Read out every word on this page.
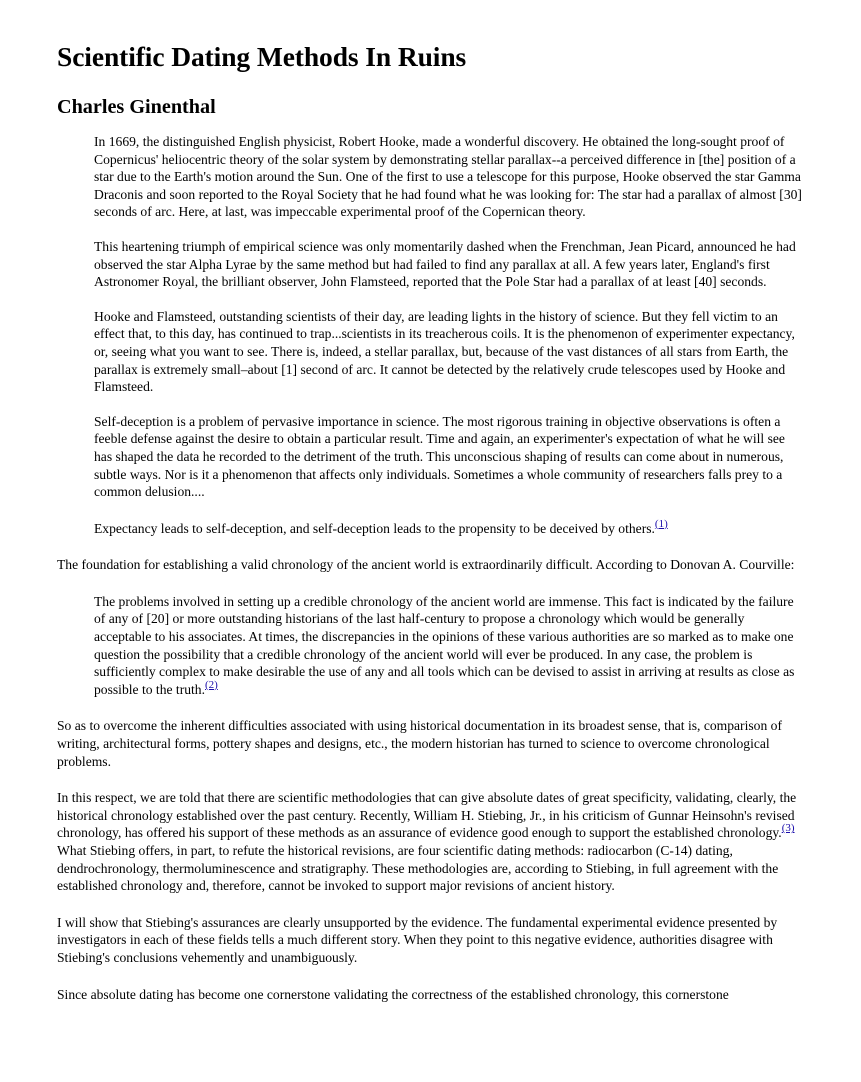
Scientific Dating Methods In Ruins
Charles Ginenthal

In 1669, the distinguished English physicist, Robert Hooke, made a wonderful discovery. He obtained the long-sought proof of Copernicus' heliocentric theory of the solar system by demonstrating stellar parallax--a perceived difference in [the] position of a star due to the Earth's motion around the Sun. One of the first to use a telescope for this purpose, Hooke observed the star Gamma Draconis and soon reported to the Royal Society that he had found what he was looking for: The star had a parallax of almost [30] seconds of arc. Here, at last, was impeccable experimental proof of the Copernican theory.

This heartening triumph of empirical science was only momentarily dashed when the Frenchman, Jean Picard, announced he had observed the star Alpha Lyrae by the same method but had failed to find any parallax at all. A few years later, England's first Astronomer Royal, the brilliant observer, John Flamsteed, reported that the Pole Star had a parallax of at least [40] seconds.

Hooke and Flamsteed, outstanding scientists of their day, are leading lights in the history of science. But they fell victim to an effect that, to this day, has continued to trap...scientists in its treacherous coils. It is the phenomenon of experimenter expectancy, or, seeing what you want to see. There is, indeed, a stellar parallax, but, because of the vast distances of all stars from Earth, the parallax is extremely small–about [1] second of arc. It cannot be detected by the relatively crude telescopes used by Hooke and Flamsteed.

Self-deception is a problem of pervasive importance in science. The most rigorous training in objective observations is often a feeble defense against the desire to obtain a particular result. Time and again, an experimenter's expectation of what he will see has shaped the data he recorded to the detriment of the truth. This unconscious shaping of results can come about in numerous, subtle ways. Nor is it a phenomenon that affects only individuals. Sometimes a whole community of researchers falls prey to a common delusion....

Expectancy leads to self-deception, and self-deception leads to the propensity to be deceived by others.$^{(1)}$

The foundation for establishing a valid chronology of the ancient world is extraordinarily difficult. According to Donovan A. Courville:

The problems involved in setting up a credible chronology of the ancient world are immense. This fact is indicated by the failure of any of [20] or more outstanding historians of the last half-century to propose a chronology which would be generally acceptable to his associates. At times, the discrepancies in the opinions of these various authorities are so marked as to make one question the possibility that a credible chronology of the ancient world will ever be produced. In any case, the problem is sufficiently complex to make desirable the use of any and all tools which can be devised to assist in arriving at results as close as possible to the truth.$^{(2)}$

So as to overcome the inherent difficulties associated with using historical documentation in its broadest sense, that is, comparison of writing, architectural forms, pottery shapes and designs, etc., the modern historian has turned to science to overcome chronological problems.

In this respect, we are told that there are scientific methodologies that can give absolute dates of great specificity, validating, clearly, the historical chronology established over the past century. Recently, William H. Stiebing, Jr., in his criticism of Gunnar Heinsohn's revised chronology, has offered his support of these methods as an assurance of evidence good enough to support the established chronology.$^{(3)}$ What Stiebing offers, in part, to refute the historical revisions, are four scientific dating methods: radiocarbon (C-14) dating, dendrochronology, thermoluminescence and stratigraphy. These methodologies are, according to Stiebing, in full agreement with the established chronology and, therefore, cannot be invoked to support major revisions of ancient history.

I will show that Stiebing's assurances are clearly unsupported by the evidence. The fundamental experimental evidence presented by investigators in each of these fields tells a much different story. When they point to this negative evidence, authorities disagree with Stiebing's conclusions vehemently and unambiguously.

Since absolute dating has become one cornerstone validating the correctness of the established chronology, this cornerstone
